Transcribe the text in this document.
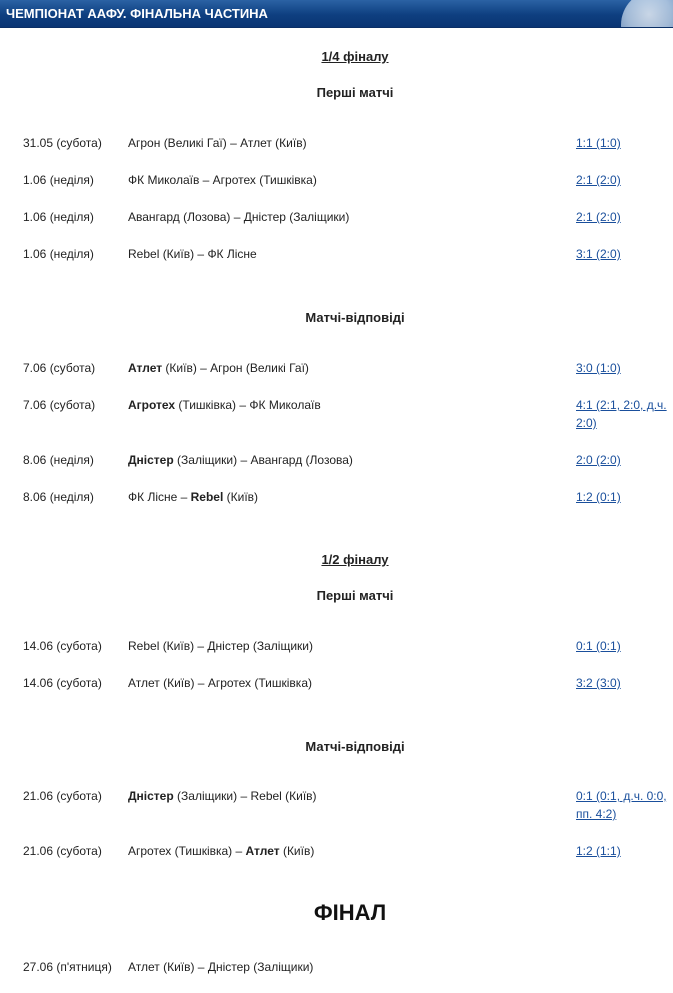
ЧЕМПІОНАТ ААФУ. ФІНАЛЬНА ЧАСТИНА
1/4 фіналу
Перші матчі
31.05 (субота) Агрон (Великі Гаї) – Атлет (Київ)	1:1 (1:0)
1.06 (неділя)	ФК Миколаїв – Агротех (Тишківка)	2:1 (2:0)
1.06 (неділя)	Авангард (Лозова) – Дністер (Заліщики)	2:1 (2:0)
1.06 (неділя)	Rebel (Київ) – ФК Лісне	3:1 (2:0)
Матчі-відповіді
7.06 (субота)	Атлет (Київ) – Агрон (Великі Гаї)	3:0 (1:0)
7.06 (субота)	Агротех (Тишківка) – ФК Миколаїв	4:1 (2:1, 2:0, д.ч. 2:0)
8.06 (неділя)	Дністер (Заліщики) – Авангард (Лозова)	2:0 (2:0)
8.06 (неділя)	ФК Лісне – Rebel (Київ)	1:2 (0:1)
1/2 фіналу
Перші матчі
14.06 (субота) Rebel (Київ) – Дністер (Заліщики)	0:1 (0:1)
14.06 (субота) Атлет (Київ) – Агротех (Тишківка)	3:2 (3:0)
Матчі-відповіді
21.06 (субота) Дністер (Заліщики) – Rebel (Київ)	0:1 (0:1, д.ч. 0:0, пп. 4:2)
21.06 (субота) Агротех (Тишківка) – Атлет (Київ)	1:2 (1:1)
ФІНАЛ
27.06 (п'ятниця) Атлет (Київ) – Дністер (Заліщики)
